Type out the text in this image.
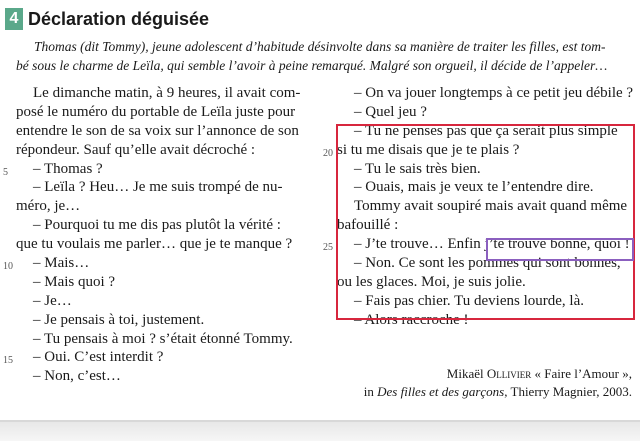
4 Déclaration déguisée
Thomas (dit Tommy), jeune adolescent d’habitude désinvolte dans sa manière de traiter les filles, est tom-
bé sous le charme de Leïla, qui semble l’avoir à peine remarqué. Malgré son orgueil, il décide de l’appeler…
Le dimanche matin, à 9 heures, il avait com-
posé le numéro du portable de Leïla juste pour
entendre le son de sa voix sur l’annonce de son
répondeur. Sauf qu’elle avait décroché :
5 – Thomas ?
– Leïla ? Heu… Je me suis trompé de nu-
méro, je…
– Pourquoi tu me dis pas plutôt la vérité :
que tu voulais me parler… que je te manque ?
10 – Mais…
– Mais quoi ?
– Je…
– Je pensais à toi, justement.
– Tu pensais à moi ? s’était étonné Tommy.
15 – Oui. C’est interdit ?
– Non, c’est…
– On va jouer longtemps à ce petit jeu débile ?
– Quel jeu ?
– Tu ne penses pas que ça serait plus simple
20 si tu me disais que je te plais ?
– Tu le sais très bien.
– Ouais, mais je veux te l’entendre dire.
Tommy avait soupiré mais avait quand même
bafouillé :
25 – J’te trouve… Enfin j’te trouve bonne, quoi !
– Non. Ce sont les pommes qui sont bonnes,
ou les glaces. Moi, je suis jolie.
– Fais pas chier. Tu deviens lourde, là.
– Alors raccroche !
Mikaël Ollivier « Faire l’Amour »,
in Des filles et des garçons, Thierry Magnier, 2003.
